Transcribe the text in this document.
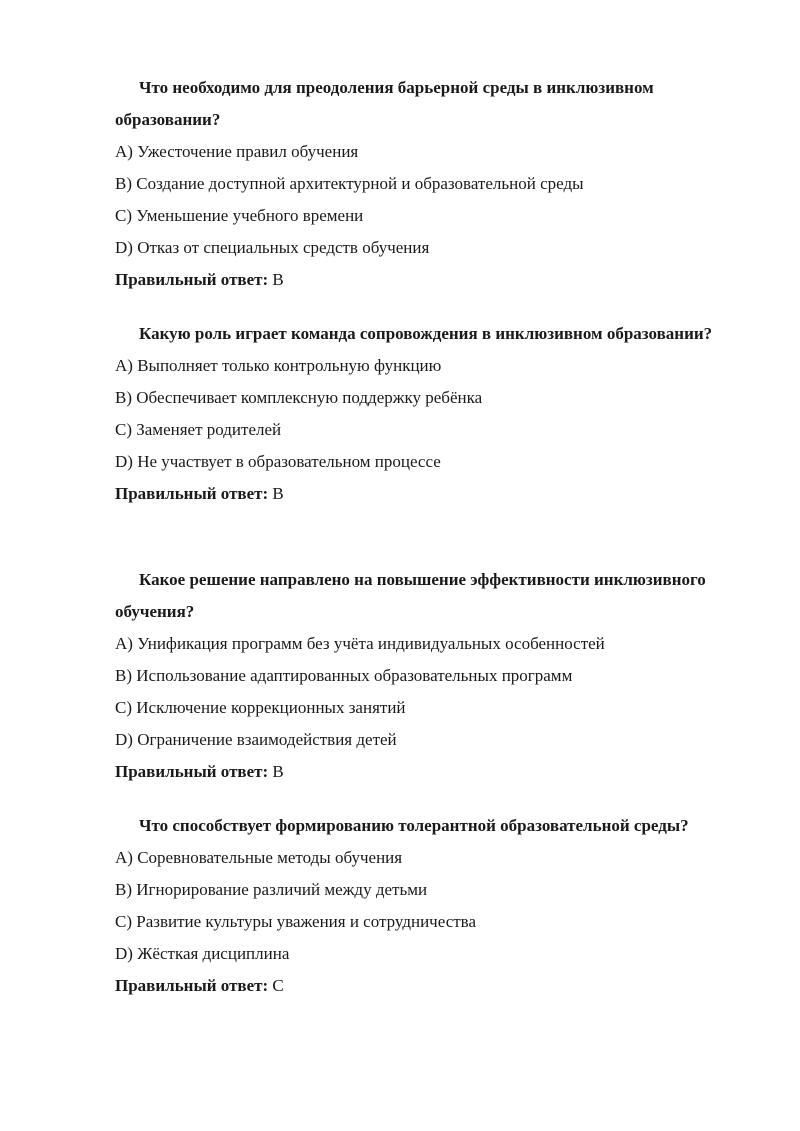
Что необходимо для преодоления барьерной среды в инклюзивном образовании?

A) Ужесточение правил обучения

B) Создание доступной архитектурной и образовательной среды

C) Уменьшение учебного времени

D) Отказ от специальных средств обучения

Правильный ответ: B

Какую роль играет команда сопровождения в инклюзивном образовании?

A) Выполняет только контрольную функцию

B) Обеспечивает комплексную поддержку ребёнка

C) Заменяет родителей

D) Не участвует в образовательном процессе

Правильный ответ: B

Какое решение направлено на повышение эффективности инклюзивного обучения?

A) Унификация программ без учёта индивидуальных особенностей

B) Использование адаптированных образовательных программ

C) Исключение коррекционных занятий

D) Ограничение взаимодействия детей

Правильный ответ: B

Что способствует формированию толерантной образовательной среды?

A) Соревновательные методы обучения

B) Игнорирование различий между детьми

C) Развитие культуры уважения и сотрудничества

D) Жёсткая дисциплина

Правильный ответ: C
